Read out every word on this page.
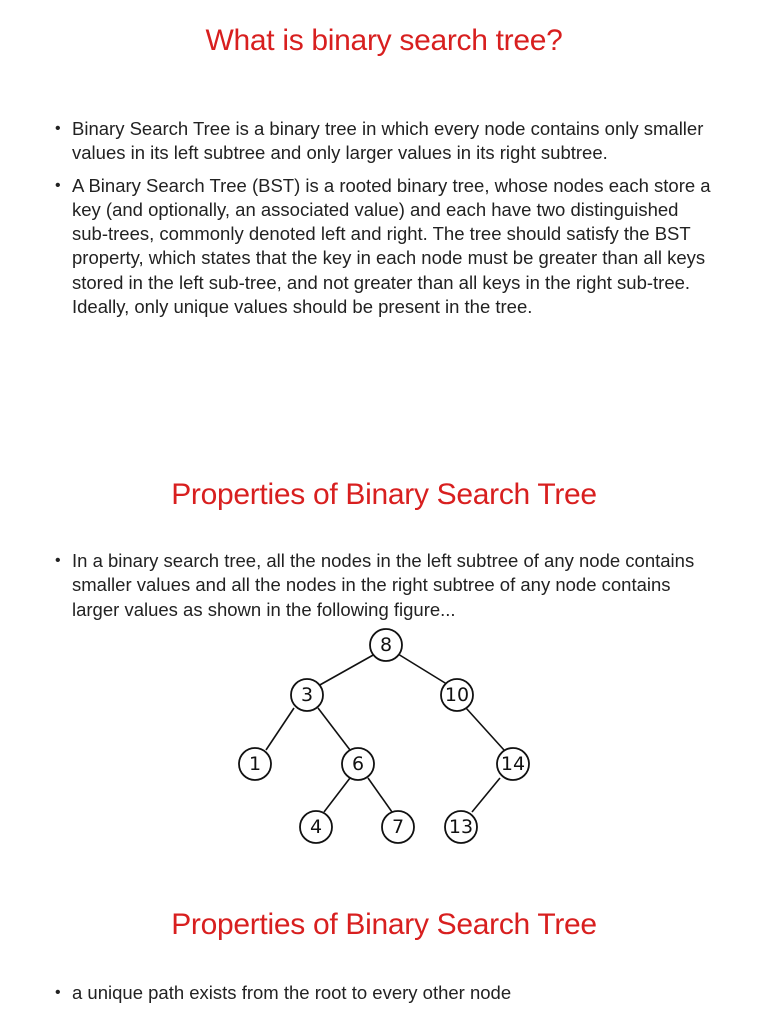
What is binary search tree?
• Binary Search Tree is a binary tree in which every node contains only smaller values in its left subtree and only larger values in its right subtree.
• A Binary Search Tree (BST) is a rooted binary tree, whose nodes each store a key (and optionally, an associated value) and each have two distinguished sub-trees, commonly denoted left and right. The tree should satisfy the BST property, which states that the key in each node must be greater than all keys stored in the left sub-tree, and not greater than all keys in the right sub-tree. Ideally, only unique values should be present in the tree.
Properties of Binary Search Tree
• In a binary search tree, all the nodes in the left subtree of any node contains smaller values and all the nodes in the right subtree of any node contains larger values as shown in the following figure...
8
3	10
1	6	14
4	7 13
Properties of Binary Search Tree
• a unique path exists from the root to every other node
